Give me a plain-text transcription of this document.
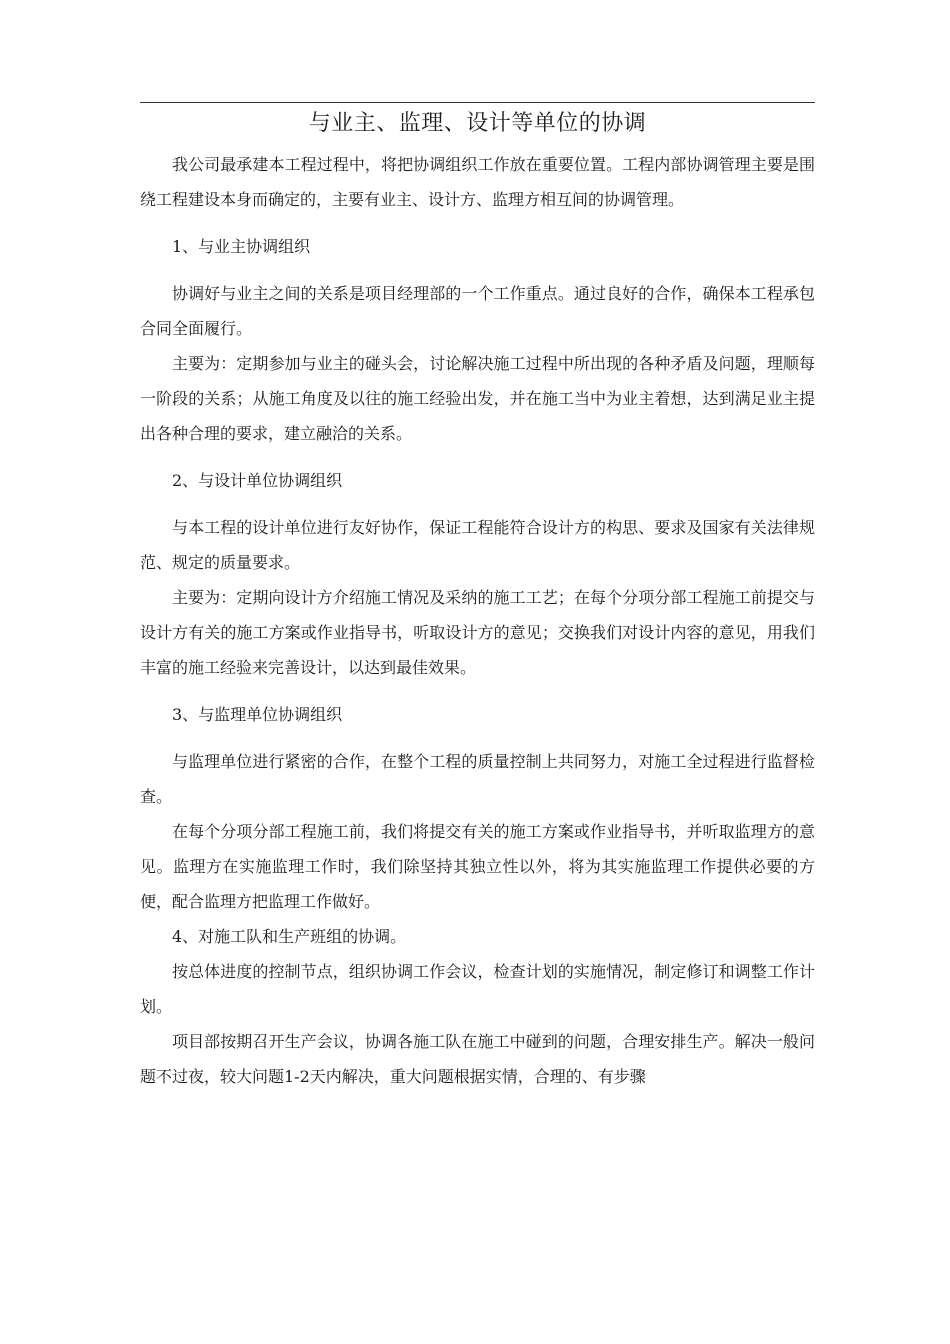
与业主、监理、设计等单位的协调

我公司最承建本工程过程中，将把协调组织工作放在重要位置。工程内部协调管理主要是围绕工程建设本身而确定的，主要有业主、设计方、监理方相互间的协调管理。

1、与业主协调组织

协调好与业主之间的关系是项目经理部的一个工作重点。通过良好的合作，确保本工程承包合同全面履行。

主要为：定期参加与业主的碰头会，讨论解决施工过程中所出现的各种矛盾及问题，理顺每一阶段的关系；从施工角度及以往的施工经验出发，并在施工当中为业主着想，达到满足业主提出各种合理的要求，建立融洽的关系。

2、与设计单位协调组织

与本工程的设计单位进行友好协作，保证工程能符合设计方的构思、要求及国家有关法律规范、规定的质量要求。

主要为：定期向设计方介绍施工情况及采纳的施工工艺；在每个分项分部工程施工前提交与设计方有关的施工方案或作业指导书，听取设计方的意见；交换我们对设计内容的意见，用我们丰富的施工经验来完善设计，以达到最佳效果。

3、与监理单位协调组织

与监理单位进行紧密的合作，在整个工程的质量控制上共同努力，对施工全过程进行监督检查。

在每个分项分部工程施工前，我们将提交有关的施工方案或作业指导书，并听取监理方的意见。监理方在实施监理工作时，我们除坚持其独立性以外，将为其实施监理工作提供必要的方便，配合监理方把监理工作做好。

4、对施工队和生产班组的协调。

按总体进度的控制节点，组织协调工作会议，检查计划的实施情况，制定修订和调整工作计划。

项目部按期召开生产会议，协调各施工队在施工中碰到的问题，合理安排生产。解决一般问题不过夜，较大问题1-2天内解决，重大问题根据实情，合理的、有步骤
